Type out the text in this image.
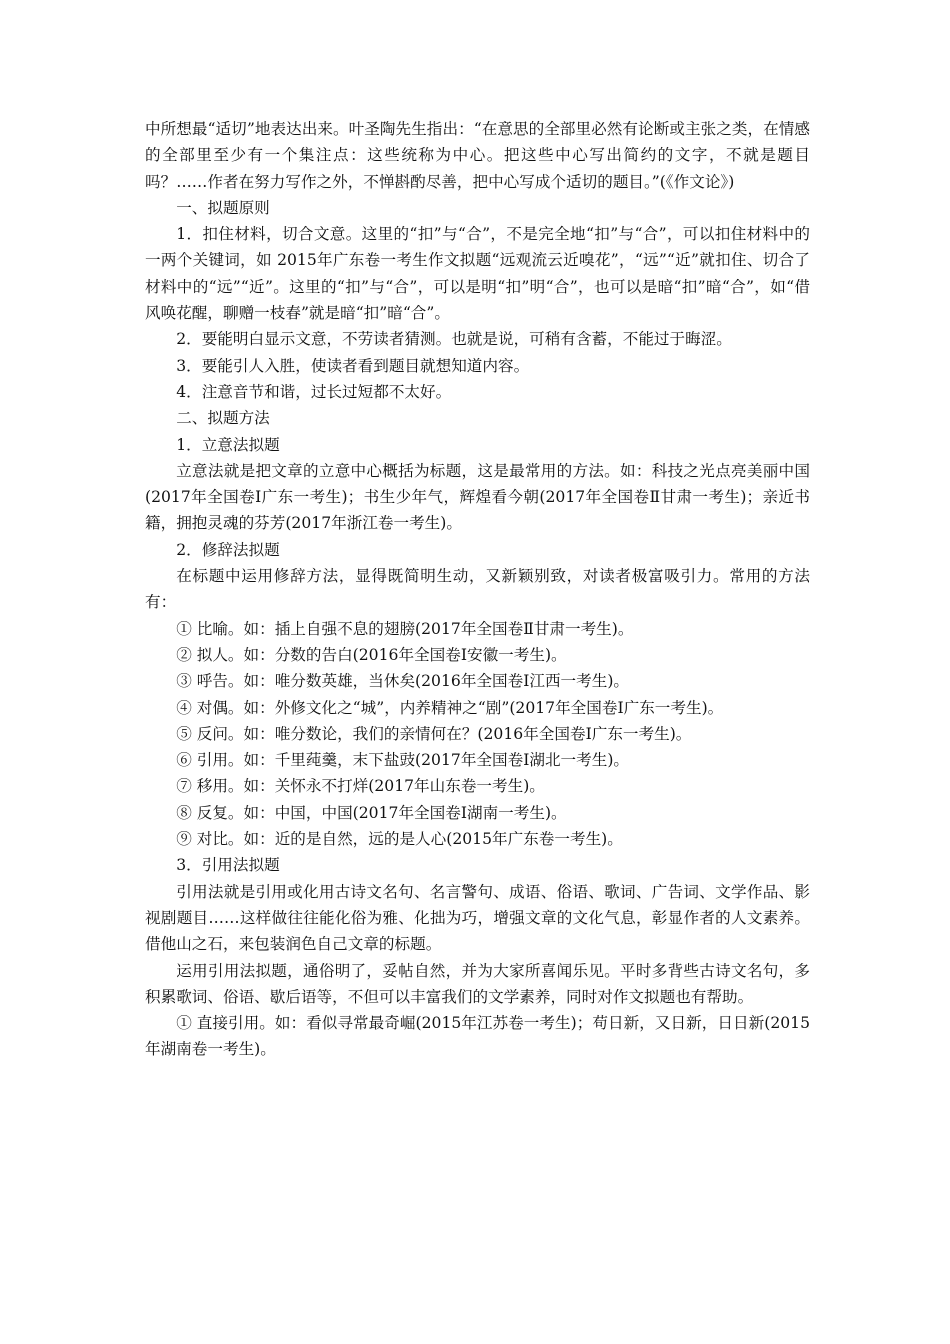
中所想最“适切”地表达出来。叶圣陶先生指出：“在意思的全部里必然有论断或主张之类，在情感的全部里至少有一个集注点：这些统称为中心。把这些中心写出简约的文字，不就是题目吗？……作者在努力写作之外，不惮斟酌尽善，把中心写成个适切的题目。”(《作文论》)

一、拟题原则

1．扣住材料，切合文意。这里的“扣”与“合”，不是完全地“扣”与“合”，可以扣住材料中的一两个关键词，如 2015年广东卷一考生作文拟题“远观流云近嗅花”，“远”“近”就扣住、切合了材料中的“远”“近”。这里的“扣”与“合”，可以是明“扣”明“合”，也可以是暗“扣”暗“合”，如“借风唤花醒，聊赠一枝春”就是暗“扣”暗“合”。

2．要能明白显示文意，不劳读者猜测。也就是说，可稍有含蓄，不能过于晦涩。

3．要能引人入胜，使读者看到题目就想知道内容。

4．注意音节和谐，过长过短都不太好。

二、拟题方法

1．立意法拟题

立意法就是把文章的立意中心概括为标题，这是最常用的方法。如：科技之光点亮美丽中国(2017年全国卷Ⅰ广东一考生)；书生少年气，辉煌看今朝(2017年全国卷Ⅱ甘肃一考生)；亲近书籍，拥抱灵魂的芬芳(2017年浙江卷一考生)。

2．修辞法拟题

在标题中运用修辞方法，显得既简明生动，又新颖别致，对读者极富吸引力。常用的方法有：

① 比喻。如：插上自强不息的翅膀(2017年全国卷Ⅱ甘肃一考生)。

② 拟人。如：分数的告白(2016年全国卷Ⅰ安徽一考生)。

③ 呼告。如：唯分数英雄，当休矣(2016年全国卷Ⅰ江西一考生)。

④ 对偶。如：外修文化之“城”，内养精神之“剧”(2017年全国卷Ⅰ广东一考生)。

⑤ 反问。如：唯分数论，我们的亲情何在？(2016年全国卷Ⅰ广东一考生)。

⑥ 引用。如：千里莼羹，末下盐豉(2017年全国卷Ⅰ湖北一考生)。

⑦ 移用。如：关怀永不打烊(2017年山东卷一考生)。

⑧ 反复。如：中国，中国(2017年全国卷Ⅰ湖南一考生)。

⑨ 对比。如：近的是自然，远的是人心(2015年广东卷一考生)。

3．引用法拟题

引用法就是引用或化用古诗文名句、名言警句、成语、俗语、歌词、广告词、文学作品、影视剧题目……这样做往往能化俗为雅、化拙为巧，增强文章的文化气息，彰显作者的人文素养。借他山之石，来包装润色自己文章的标题。

运用引用法拟题，通俗明了，妥帖自然，并为大家所喜闻乐见。平时多背些古诗文名句，多积累歌词、俗语、歇后语等，不但可以丰富我们的文学素养，同时对作文拟题也有帮助。

① 直接引用。如：看似寻常最奇崛(2015年江苏卷一考生)；苟日新，又日新，日日新(2015年湖南卷一考生)。
